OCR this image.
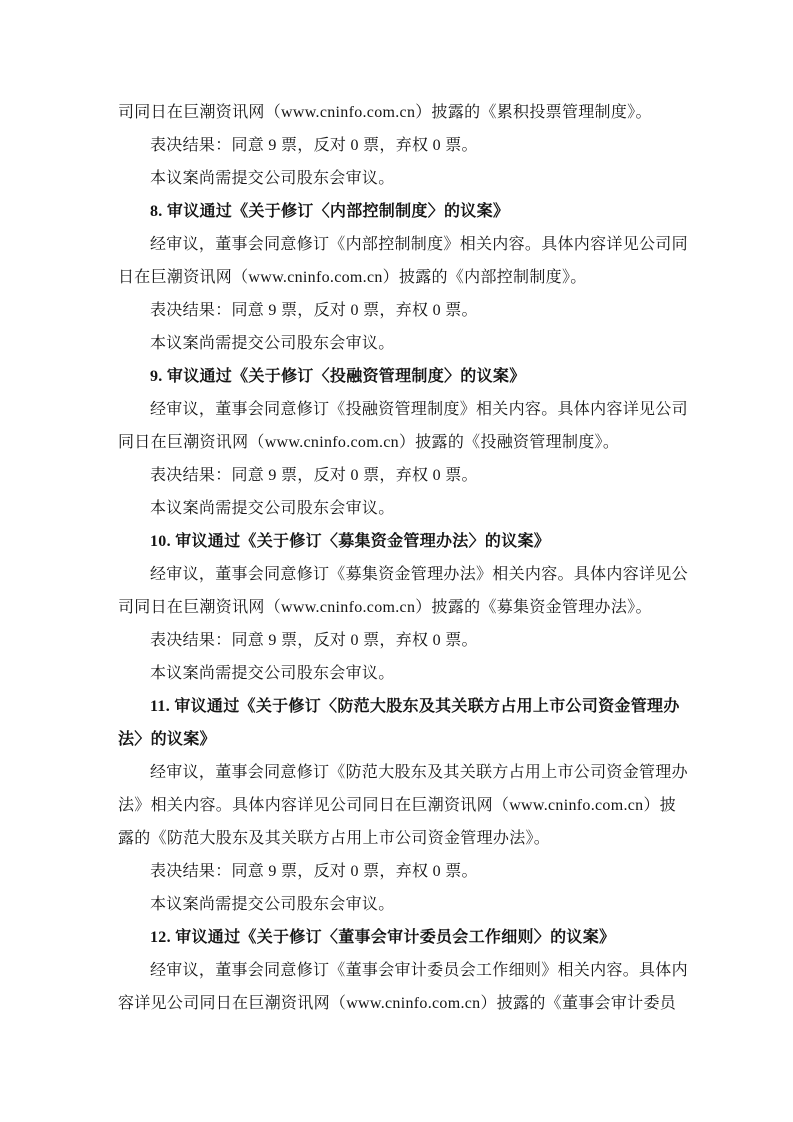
司同日在巨潮资讯网（www.cninfo.com.cn）披露的《累积投票管理制度》。
表决结果：同意 9 票，反对 0 票，弃权 0 票。
本议案尚需提交公司股东会审议。
8. 审议通过《关于修订〈内部控制制度〉的议案》
经审议，董事会同意修订《内部控制制度》相关内容。具体内容详见公司同
日在巨潮资讯网（www.cninfo.com.cn）披露的《内部控制制度》。
表决结果：同意 9 票，反对 0 票，弃权 0 票。
本议案尚需提交公司股东会审议。
9. 审议通过《关于修订〈投融资管理制度〉的议案》
经审议，董事会同意修订《投融资管理制度》相关内容。具体内容详见公司
同日在巨潮资讯网（www.cninfo.com.cn）披露的《投融资管理制度》。
表决结果：同意 9 票，反对 0 票，弃权 0 票。
本议案尚需提交公司股东会审议。
10. 审议通过《关于修订〈募集资金管理办法〉的议案》
经审议，董事会同意修订《募集资金管理办法》相关内容。具体内容详见公
司同日在巨潮资讯网（www.cninfo.com.cn）披露的《募集资金管理办法》。
表决结果：同意 9 票，反对 0 票，弃权 0 票。
本议案尚需提交公司股东会审议。
11. 审议通过《关于修订〈防范大股东及其关联方占用上市公司资金管理办
法〉的议案》
经审议，董事会同意修订《防范大股东及其关联方占用上市公司资金管理办
法》相关内容。具体内容详见公司同日在巨潮资讯网（www.cninfo.com.cn）披
露的《防范大股东及其关联方占用上市公司资金管理办法》。
表决结果：同意 9 票，反对 0 票，弃权 0 票。
本议案尚需提交公司股东会审议。
12. 审议通过《关于修订〈董事会审计委员会工作细则〉的议案》
经审议，董事会同意修订《董事会审计委员会工作细则》相关内容。具体内
容详见公司同日在巨潮资讯网（www.cninfo.com.cn）披露的《董事会审计委员
